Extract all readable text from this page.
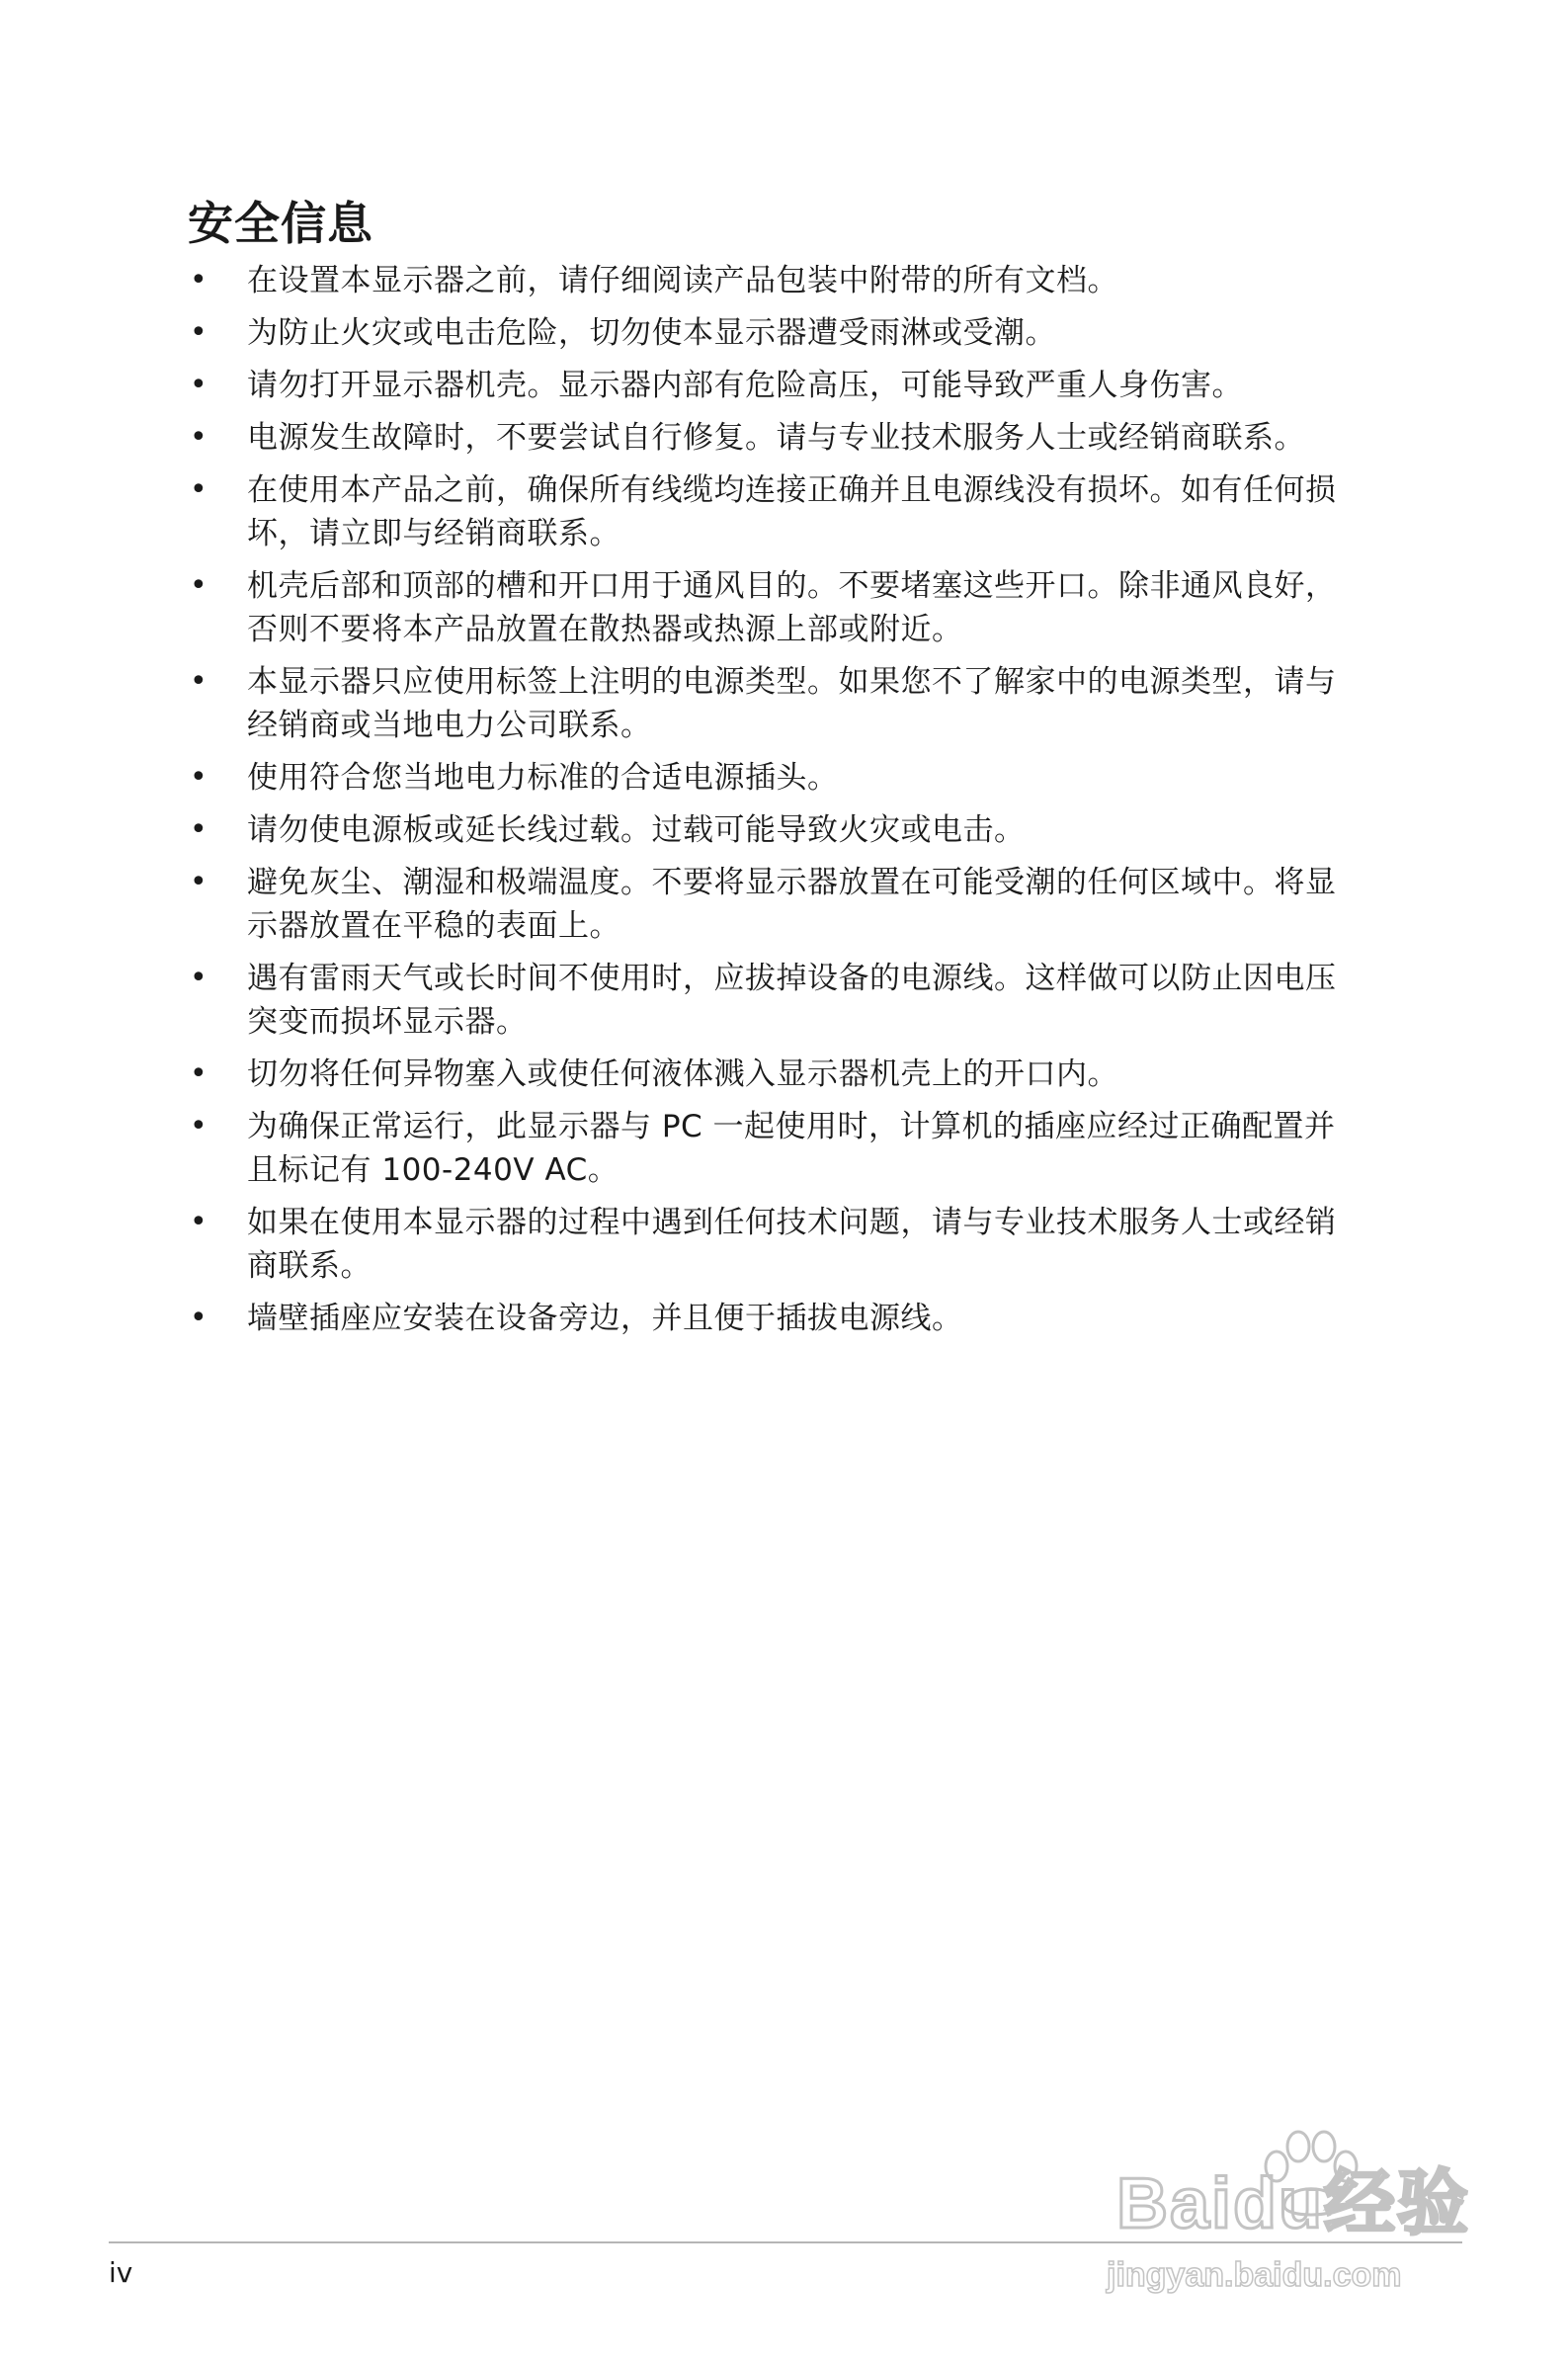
安全信息
• 在设置本显示器之前，请仔细阅读产品包装中附带的所有文档。
• 为防止火灾或电击危险，切勿使本显示器遭受雨淋或受潮。
• 请勿打开显示器机壳。显示器内部有危险高压，可能导致严重人身伤害。
• 电源发生故障时，不要尝试自行修复。请与专业技术服务人士或经销商联系。
• 在使用本产品之前，确保所有线缆均连接正确并且电源线没有损坏。如有任何损坏，请立即与经销商联系。
• 机壳后部和顶部的槽和开口用于通风目的。不要堵塞这些开口。除非通风良好，否则不要将本产品放置在散热器或热源上部或附近。
• 本显示器只应使用标签上注明的电源类型。如果您不了解家中的电源类型，请与经销商或当地电力公司联系。
• 使用符合您当地电力标准的合适电源插头。
• 请勿使电源板或延长线过载。过载可能导致火灾或电击。
• 避免灰尘、潮湿和极端温度。不要将显示器放置在可能受潮的任何区域中。将显示器放置在平稳的表面上。
• 遇有雷雨天气或长时间不使用时，应拔掉设备的电源线。这样做可以防止因电压突变而损坏显示器。
• 切勿将任何异物塞入或使任何液体溅入显示器机壳上的开口内。
• 为确保正常运行，此显示器与 PC 一起使用时，计算机的插座应经过正确配置并且标记有 100-240V AC。
• 如果在使用本显示器的过程中遇到任何技术问题，请与专业技术服务人士或经销商联系。
• 墙壁插座应安装在设备旁边，并且便于插拔电源线。
iv
Baidu经验
jingyan.baidu.com
